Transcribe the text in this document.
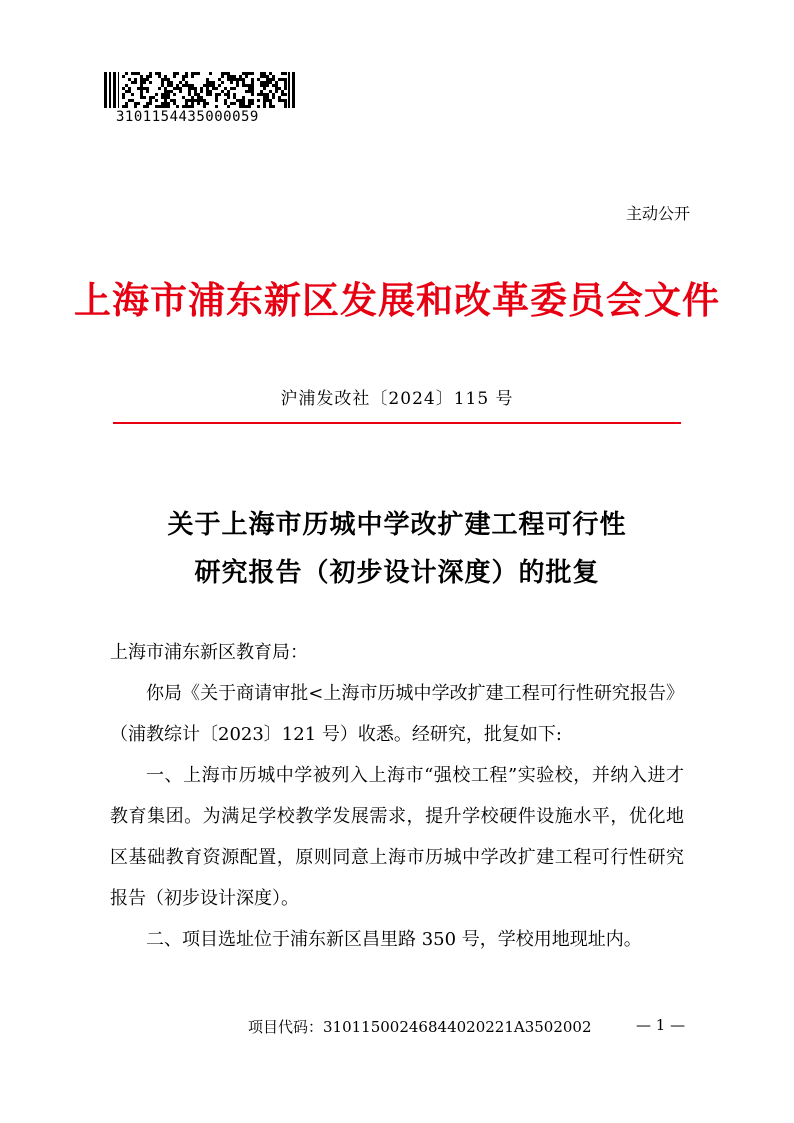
3101154435000059
主动公开
上海市浦东新区发展和改革委员会文件
沪浦发改社〔2024〕115 号
关于上海市历城中学改扩建工程可行性
研究报告（初步设计深度）的批复
上海市浦东新区教育局：
你局《关于商请审批<上海市历城中学改扩建工程可行性研究报告》（浦教综计〔2023〕121 号）收悉。经研究，批复如下:
一、上海市历城中学被列入上海市“强校工程”实验校，并纳入进才教育集团。为满足学校教学发展需求，提升学校硬件设施水平，优化地区基础教育资源配置，原则同意上海市历城中学改扩建工程可行性研究报告（初步设计深度）。
二、项目选址位于浦东新区昌里路 350 号，学校用地现址内。
项目代码：31011500246844020221A3502002	— 1 —
